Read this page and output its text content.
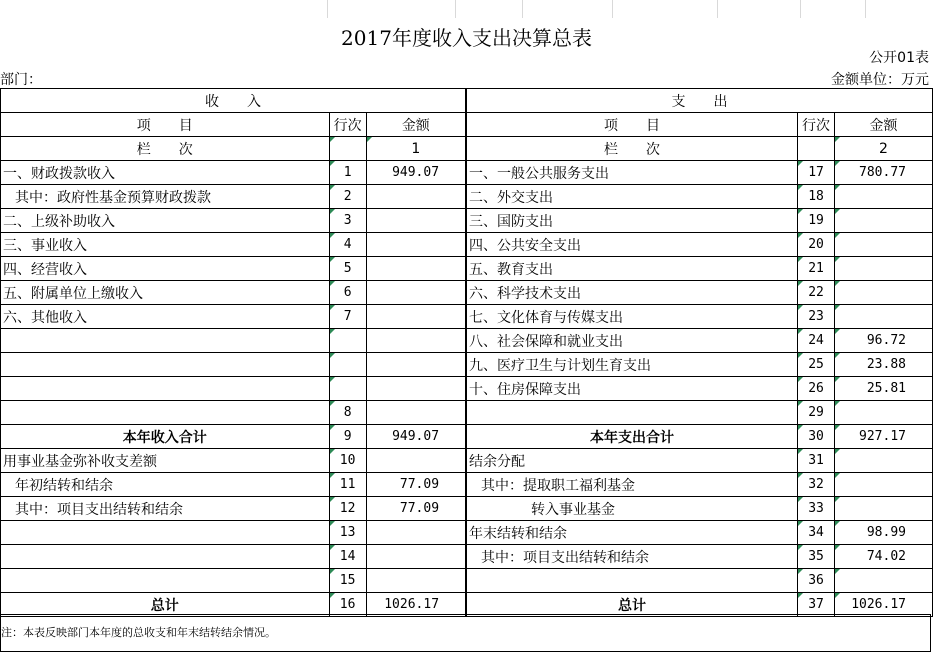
2017年度收入支出决算总表
公开01表
部门：	金额单位：万元
收　　入			支　　出		
项　　目	行次	金额	项　　目	行次	金额
栏　　次		1	栏　　次		2
一、财政拨款收入	1	949.07	一、一般公共服务支出	17	780.77
其中：政府性基金预算财政拨款	2		二、外交支出	18	
二、上级补助收入	3		三、国防支出	19	
三、事业收入	4		四、公共安全支出	20	
四、经营收入	5		五、教育支出	21	
五、附属单位上缴收入	6		六、科学技术支出	22	
六、其他收入	7		七、文化体育与传媒支出	23	
			八、社会保障和就业支出	24	96.72
			九、医疗卫生与计划生育支出	25	23.88
			十、住房保障支出	26	25.81
	8			29	
本年收入合计	9	949.07	本年支出合计	30	927.17
用事业基金弥补收支差额	10		结余分配	31	
年初结转和结余	11	77.09	其中：提取职工福利基金	32	
其中：项目支出结转和结余	12	77.09	转入事业基金	33	
	13		年末结转和结余	34	98.99
	14		其中：项目支出结转和结余	35	74.02
	15			36	
总计	16	1026.17	总计	37	1026.17
注：本表反映部门本年度的总收支和年末结转结余情况。
